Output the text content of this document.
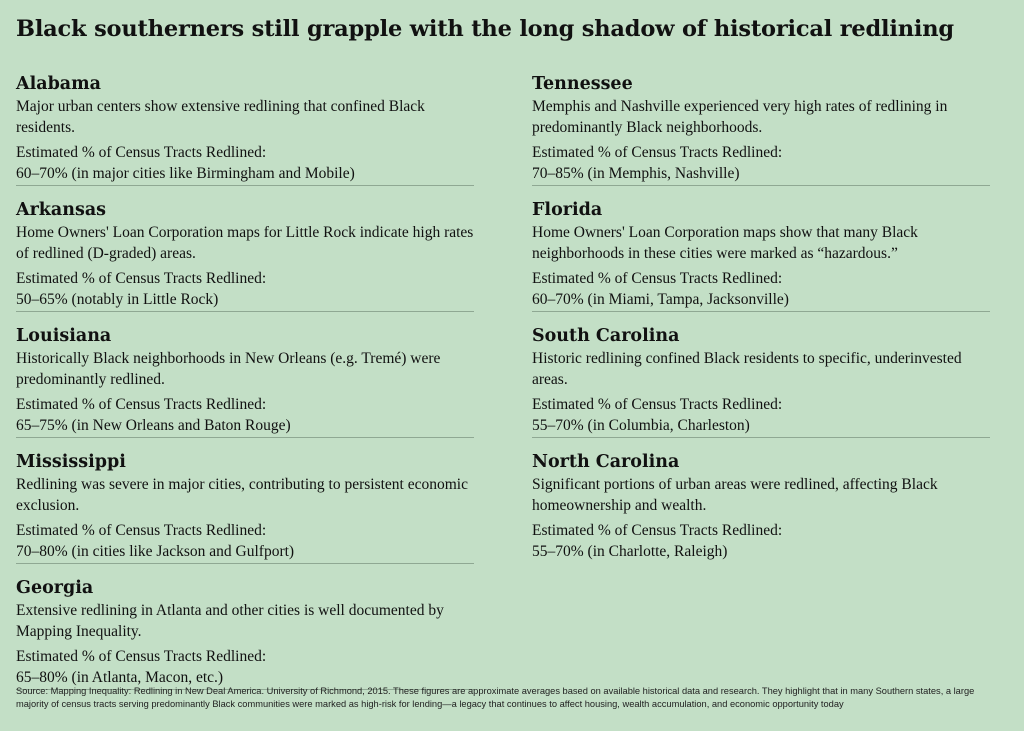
Black southerners still grapple with the long shadow of historical redlining

Alabama

Major urban centers show extensive redlining that confined Black residents.

Estimated % of Census Tracts Redlined:

60–70% (in major cities like Birmingham and Mobile)

Arkansas

Home Owners' Loan Corporation maps for Little Rock indicate high rates of redlined (D-graded) areas.

Estimated % of Census Tracts Redlined:

50–65% (notably in Little Rock)

Louisiana

Historically Black neighborhoods in New Orleans (e.g. Tremé) were predominantly redlined.

Estimated % of Census Tracts Redlined:

65–75% (in New Orleans and Baton Rouge)

Mississippi

Redlining was severe in major cities, contributing to persistent economic exclusion.

Estimated % of Census Tracts Redlined:

70–80% (in cities like Jackson and Gulfport)

Georgia

Extensive redlining in Atlanta and other cities is well documented by Mapping Inequality.

Estimated % of Census Tracts Redlined:

65–80% (in Atlanta, Macon, etc.)

Tennessee

Memphis and Nashville experienced very high rates of redlining in predominantly Black neighborhoods.

Estimated % of Census Tracts Redlined:

70–85% (in Memphis, Nashville)

Florida

Home Owners' Loan Corporation maps show that many Black neighborhoods in these cities were marked as “hazardous.”

Estimated % of Census Tracts Redlined:

60–70% (in Miami, Tampa, Jacksonville)

South Carolina

Historic redlining confined Black residents to specific, underinvested areas.

Estimated % of Census Tracts Redlined:

55–70% (in Columbia, Charleston)

North Carolina

Significant portions of urban areas were redlined, affecting Black homeownership and wealth.

Estimated % of Census Tracts Redlined:

55–70% (in Charlotte, Raleigh)

Source: Mapping Inequality: Redlining in New Deal America. University of Richmond, 2015. These figures are approximate averages based on available historical data and research. They highlight that in many Southern states, a large majority of census tracts serving predominantly Black communities were marked as high-risk for lending—a legacy that continues to affect housing, wealth accumulation, and economic opportunity today
